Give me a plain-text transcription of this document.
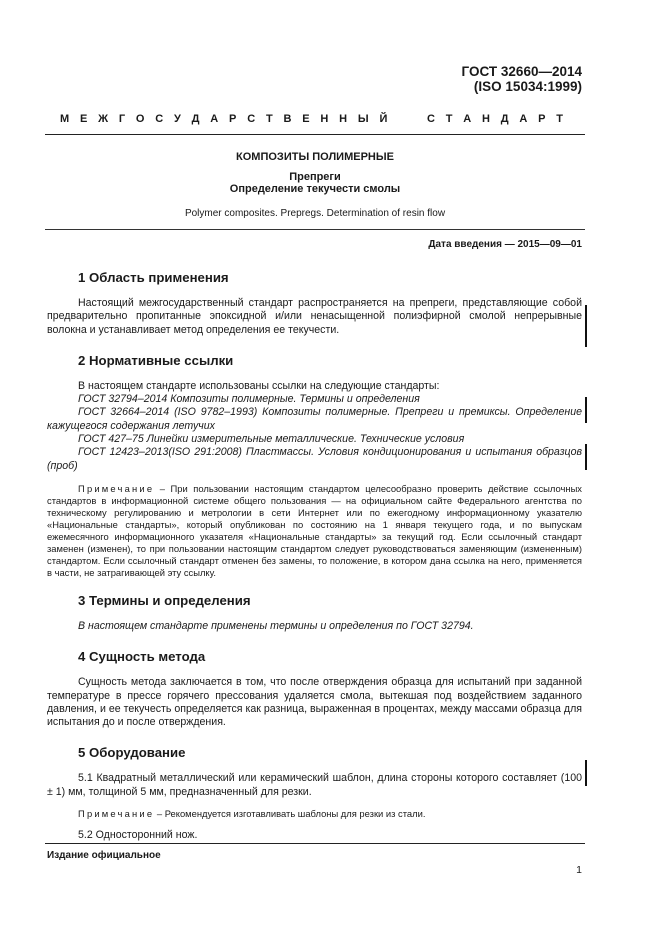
ГОСТ 32660—2014
(ISO 15034:1999)
М Е Ж Г О С У Д А Р С Т В Е Н Н Ы Й	С Т А Н Д А Р Т
КОМПОЗИТЫ ПОЛИМЕРНЫЕ
Препреги
Определение текучести смолы
Polymer composites. Prepregs. Determination of resin flow
Дата введения — 2015—09—01
1 Область применения

Настоящий межгосударственный стандарт распространяется на препреги, представляющие собой предварительно пропитанные эпоксидной и/или ненасыщенной полиэфирной смолой непрерывные волокна и устанавливает метод определения ее текучести.

2 Нормативные ссылки

В настоящем стандарте использованы ссылки на следующие стандарты:

ГОСТ 32794–2014 Композиты полимерные. Термины и определения

ГОСТ 32664–2014 (ISO 9782–1993) Композиты полимерные. Препреги и премиксы. Определение кажущегося содержания летучих

ГОСТ 427–75 Линейки измерительные металлические. Технические условия

ГОСТ 12423–2013(ISO 291:2008) Пластмассы. Условия кондиционирования и испытания образцов (проб)

Примечание – При пользовании настоящим стандартом целесообразно проверить действие ссылочных стандартов в информационной системе общего пользования — на официальном сайте Федерального агентства по техническому регулированию и метрологии в сети Интернет или по ежегодному информационному указателю «Национальные стандарты», который опубликован по состоянию на 1 января текущего года, и по выпускам ежемесячного информационного указателя «Национальные стандарты» за текущий год. Если ссылочный стандарт заменен (изменен), то при пользовании настоящим стандартом следует руководствоваться заменяющим (измененным) стандартом. Если ссылочный стандарт отменен без замены, то положение, в котором дана ссылка на него, применяется в части, не затрагивающей эту ссылку.

3 Термины и определения

В настоящем стандарте применены термины и определения по ГОСТ 32794.

4 Сущность метода

Сущность метода заключается в том, что после отверждения образца для испытаний при заданной температуре в прессе горячего прессования удаляется смола, вытекшая под воздействием заданного давления, и ее текучесть определяется как разница, выраженная в процентах, между массами образца для испытания до и после отверждения.

5 Оборудование

5.1 Квадратный металлический или керамический шаблон, длина стороны которого составляет (100 ± 1) мм, толщиной 5 мм, предназначенный для резки.

Примечание – Рекомендуется изготавливать шаблоны для резки из стали.

5.2 Односторонний нож.

Издание официальное
1
